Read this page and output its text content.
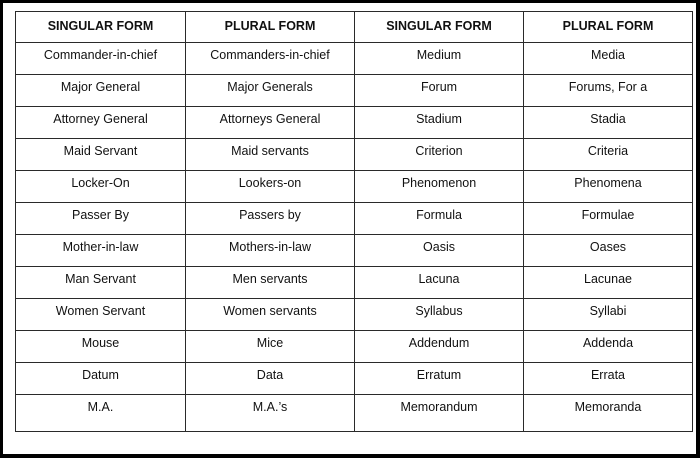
SINGULAR FORM	PLURAL FORM	SINGULAR FORM	PLURAL FORM
Commander-in-chief	Commanders-in-chief	Medium	Media
Major General	Major Generals	Forum	Forums, For a
Attorney General	Attorneys General	Stadium	Stadia
Maid Servant	Maid servants	Criterion	Criteria
Locker-On	Lookers-on	Phenomenon	Phenomena
Passer By	Passers by	Formula	Formulae
Mother-in-law	Mothers-in-law	Oasis	Oases
Man Servant	Men servants	Lacuna	Lacunae
Women Servant	Women servants	Syllabus	Syllabi
Mouse	Mice	Addendum	Addenda
Datum	Data	Erratum	Errata
M.A.	M.A.’s	Memorandum	Memoranda
